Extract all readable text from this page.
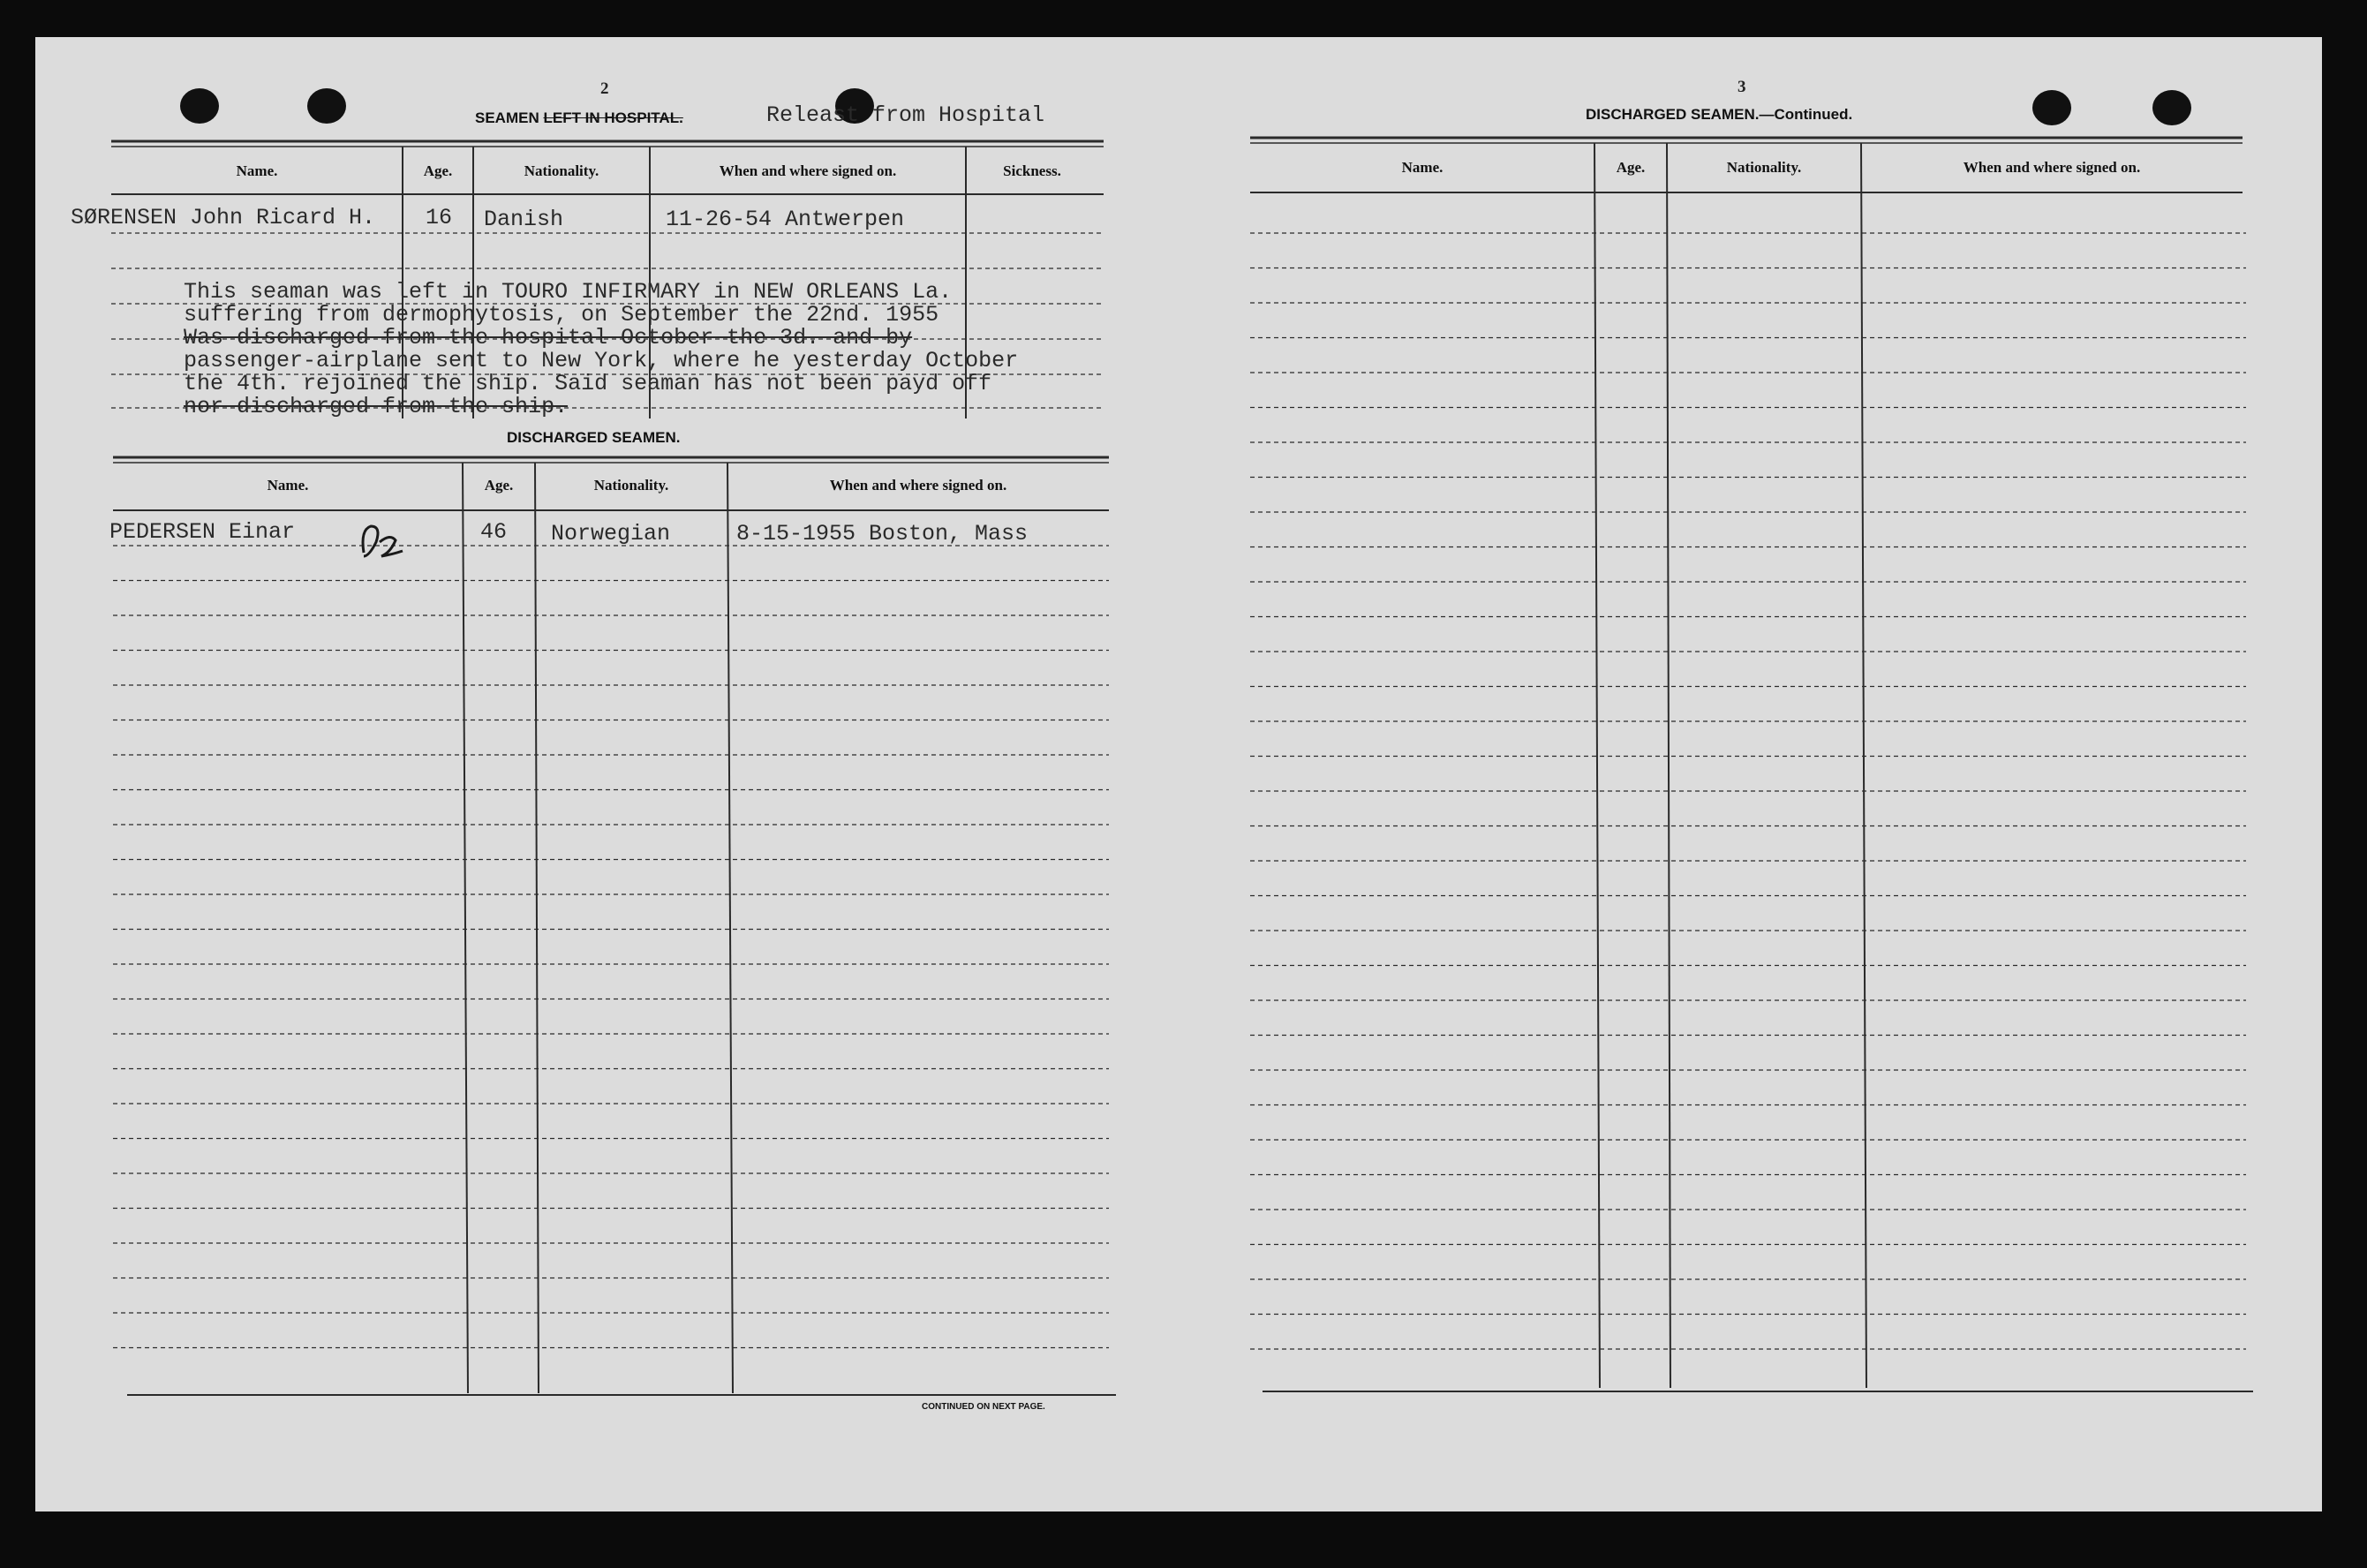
2
SEAMEN LEFT IN HOSPITAL.	Releast from Hospital
Name.	Age.	Nationality.	When and where signed on.	Sickness.
SØRENSEN John Ricard H. 16 Danish	11-26-54 Antwerpen
This seaman was left in TOURO INFIRMARY in NEW ORLEANS La.
suffering from dermophytosis, on September the 22nd. 1955
Was discharged from the hospital October the 3d. and by
passenger-airplane sent to New York, where he yesterday October
the 4th. rejoined the ship. Said seaman has not been payd off
nor discharged from the ship.
DISCHARGED SEAMEN.
Name.	Age.	Nationality.	When and where signed on.
PEDERSEN Einar	46 Norwegian	8-15-1955 Boston, Mass
CONTINUED ON NEXT PAGE.
3
DISCHARGED SEAMEN.—Continued.
Name.	Age.	Nationality.	When and where signed on.
